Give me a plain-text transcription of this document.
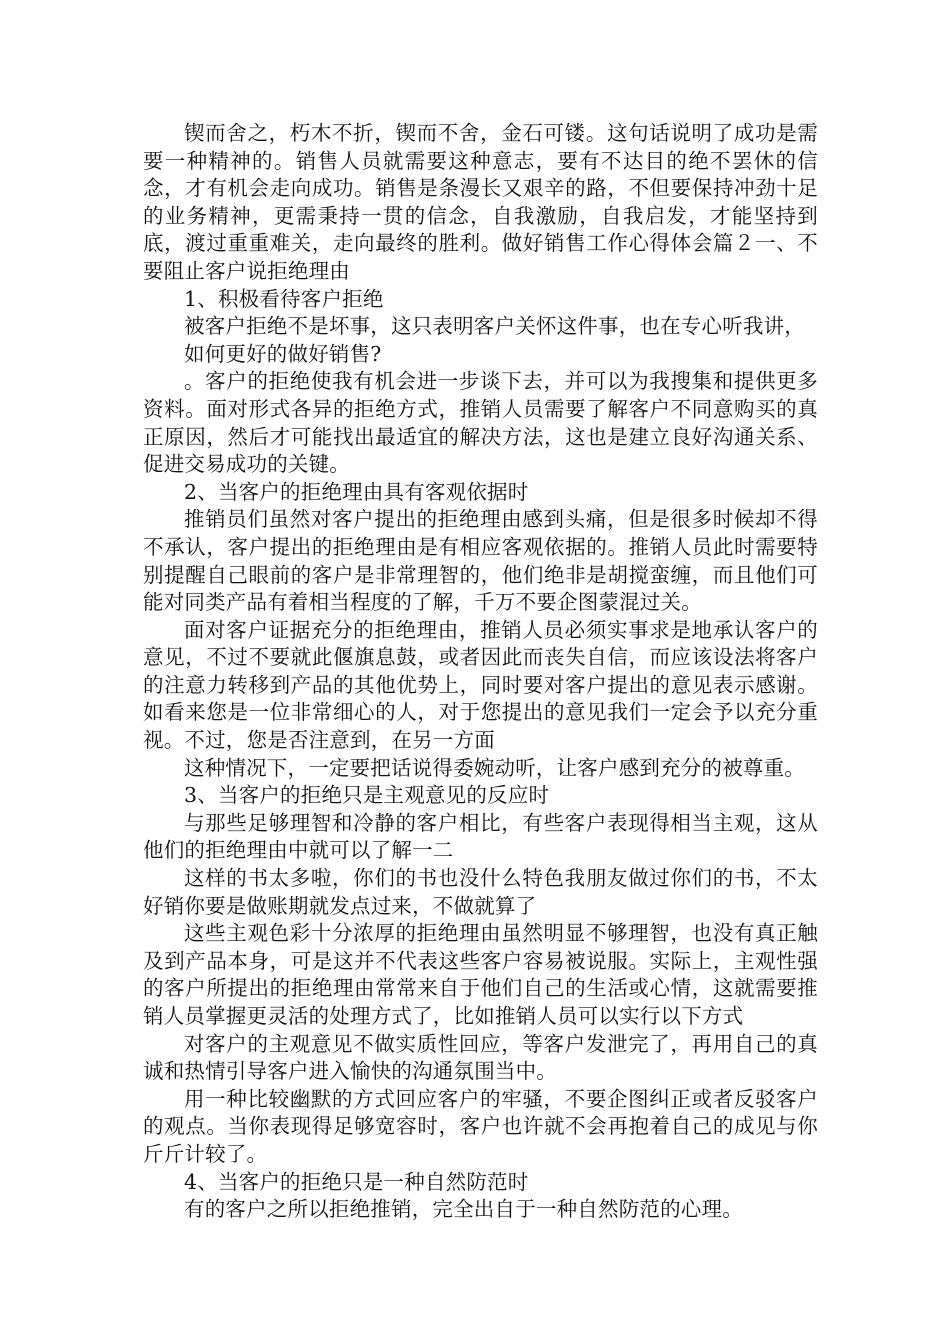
锲而舍之，朽木不折，锲而不舍，金石可镂。这句话说明了成功是需要一种精神的。销售人员就需要这种意志，要有不达目的绝不罢休的信念，才有机会走向成功。销售是条漫长又艰辛的路，不但要保持冲劲十足的业务精神，更需秉持一贯的信念，自我激励，自我启发，才能坚持到底，渡过重重难关，走向最终的胜利。做好销售工作心得体会篇２一、不要阻止客户说拒绝理由

1、积极看待客户拒绝

被客户拒绝不是坏事，这只表明客户关怀这件事，也在专心听我讲，

如何更好的做好销售?

。客户的拒绝使我有机会进一步谈下去，并可以为我搜集和提供更多资料。面对形式各异的拒绝方式，推销人员需要了解客户不同意购买的真正原因，然后才可能找出最适宜的解决方法，这也是建立良好沟通关系、促进交易成功的关键。

2、当客户的拒绝理由具有客观依据时

推销员们虽然对客户提出的拒绝理由感到头痛，但是很多时候却不得不承认，客户提出的拒绝理由是有相应客观依据的。推销人员此时需要特别提醒自己眼前的客户是非常理智的，他们绝非是胡搅蛮缠，而且他们可能对同类产品有着相当程度的了解，千万不要企图蒙混过关。

面对客户证据充分的拒绝理由，推销人员必须实事求是地承认客户的意见，不过不要就此偃旗息鼓，或者因此而丧失自信，而应该设法将客户的注意力转移到产品的其他优势上，同时要对客户提出的意见表示感谢。如看来您是一位非常细心的人，对于您提出的意见我们一定会予以充分重视。不过，您是否注意到，在另一方面

这种情况下，一定要把话说得委婉动听，让客户感到充分的被尊重。

3、当客户的拒绝只是主观意见的反应时

与那些足够理智和冷静的客户相比，有些客户表现得相当主观，这从他们的拒绝理由中就可以了解一二

这样的书太多啦，你们的书也没什么特色我朋友做过你们的书，不太好销你要是做账期就发点过来，不做就算了

这些主观色彩十分浓厚的拒绝理由虽然明显不够理智，也没有真正触及到产品本身，可是这并不代表这些客户容易被说服。实际上，主观性强的客户所提出的拒绝理由常常来自于他们自己的生活或心情，这就需要推销人员掌握更灵活的处理方式了，比如推销人员可以实行以下方式

对客户的主观意见不做实质性回应，等客户发泄完了，再用自己的真诚和热情引导客户进入愉快的沟通氛围当中。

用一种比较幽默的方式回应客户的牢骚，不要企图纠正或者反驳客户的观点。当你表现得足够宽容时，客户也许就不会再抱着自己的成见与你斤斤计较了。

4、当客户的拒绝只是一种自然防范时

有的客户之所以拒绝推销，完全出自于一种自然防范的心理。
